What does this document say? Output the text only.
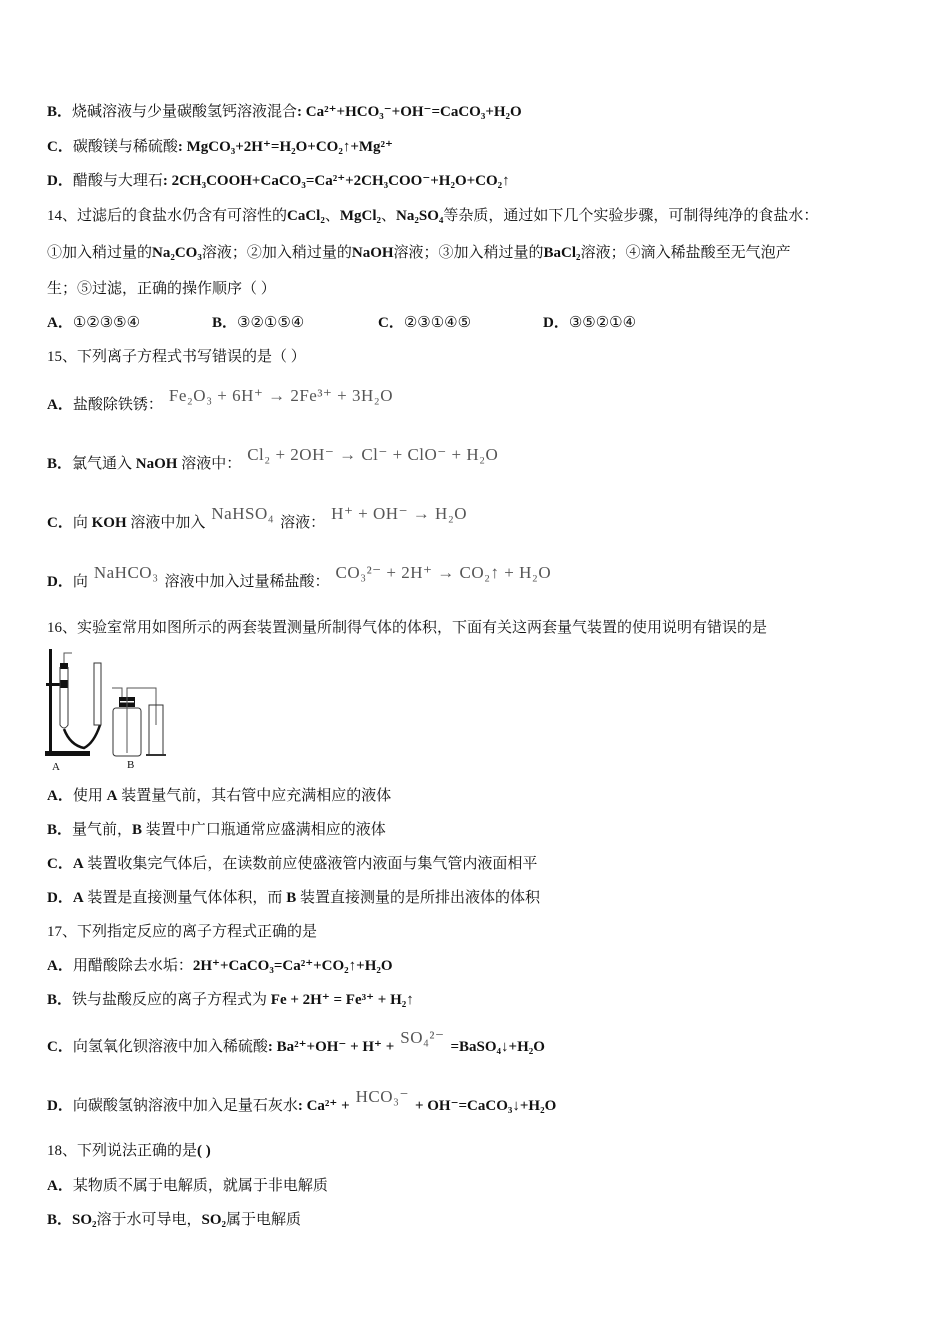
B．烧碱溶液与少量碳酸氢钙溶液混合: Ca²⁺+HCO₃⁻+OH⁻=CaCO₃+H₂O
C．碳酸镁与稀硫酸: MgCO₃+2H⁺=H₂O+CO₂↑+Mg²⁺
D．醋酸与大理石: 2CH₃COOH+CaCO₃=Ca²⁺+2CH₃COO⁻+H₂O+CO₂↑
14、过滤后的食盐水仍含有可溶性的CaCl₂、MgCl₂、Na₂SO₄等杂质，通过如下几个实验步骤，可制得纯净的食盐水：
①加入稍过量的Na₂CO₃溶液；②加入稍过量的NaOH溶液；③加入稍过量的BaCl₂溶液；④滴入稀盐酸至无气泡产
生；⑤过滤，正确的操作顺序（ ）
15、下列离子方程式书写错误的是（ ）
A．盐酸除铁锈： Fe₂O₃ + 6H⁺ → 2Fe³⁺ + 3H₂O
B．氯气通入 NaOH 溶液中： Cl₂ + 2OH⁻ → Cl⁻ + ClO⁻ + H₂O
C．向 KOH 溶液中加入 NaHSO₄ 溶液： H⁺ + OH⁻ → H₂O
D．向 NaHCO₃ 溶液中加入过量稀盐酸： CO₃²⁻ + 2H⁺ → CO₂↑ + H₂O
16、实验室常用如图所示的两套装置测量所制得气体的体积，下面有关这两套量气装置的使用说明有错误的是
A．使用 A 装置量气前，其右管中应充满相应的液体
B．量气前，B 装置中广口瓶通常应盛满相应的液体
C．A 装置收集完气体后，在读数前应使盛液管内液面与集气管内液面相平
D．A 装置是直接测量气体体积，而 B 装置直接测量的是所排出液体的体积
17、下列指定反应的离子方程式正确的是
A．用醋酸除去水垢：2H⁺+CaCO₃=Ca²⁺+CO₂↑+H₂O
B．铁与盐酸反应的离子方程式为 Fe + 2H⁺ = Fe³⁺ + H₂↑
C．向氢氧化钡溶液中加入稀硫酸: Ba²⁺+OH⁻ + H⁺ + SO₄²⁻ =BaSO₄↓+H₂O
D．向碳酸氢钠溶液中加入足量石灰水: Ca²⁺ + HCO₃⁻ + OH⁻=CaCO₃↓+H₂O
18、下列说法正确的是( )
A．某物质不属于电解质，就属于非电解质
B．SO₂溶于水可导电，SO₂属于电解质
A．①②③⑤④	B．③②①⑤④	C．②③①④⑤	D．③⑤②①④
A	B
